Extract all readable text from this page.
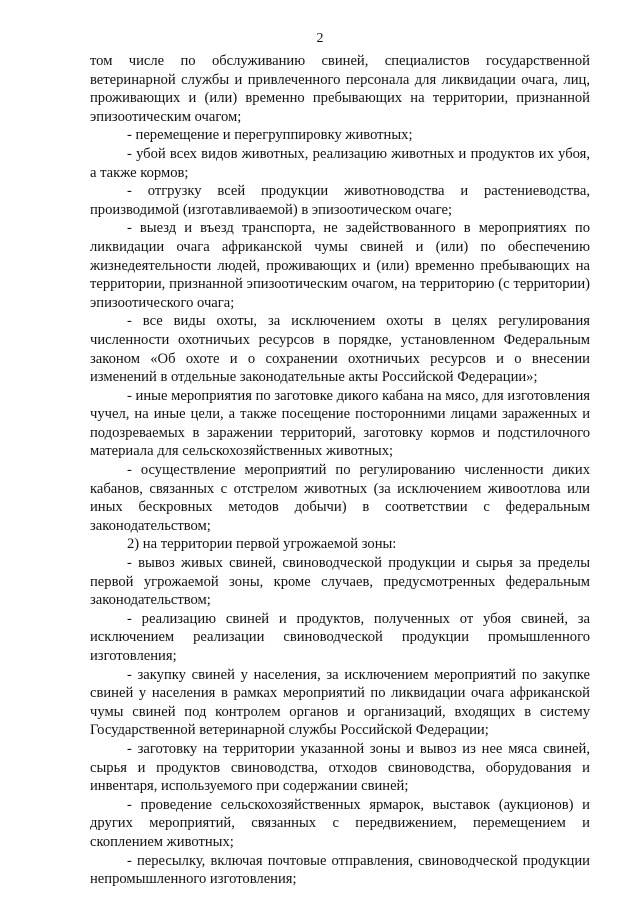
2

том числе по обслуживанию свиней, специалистов государственной ветеринарной службы и привлеченного персонала для ликвидации очага, лиц, проживающих и (или) временно пребывающих на территории, признанной эпизоотическим очагом;

- перемещение и перегруппировку животных;

- убой всех видов животных, реализацию животных и продуктов их убоя, а также кормов;

- отгрузку всей продукции животноводства и растениеводства, производимой (изготавливаемой) в эпизоотическом очаге;

- выезд и въезд транспорта, не задействованного в мероприятиях по ликвидации очага африканской чумы свиней и (или) по обеспечению жизнедеятельности людей, проживающих и (или) временно пребывающих на территории, признанной эпизоотическим очагом, на территорию (с территории) эпизоотического очага;

- все виды охоты, за исключением охоты в целях регулирования численности охотничьих ресурсов в порядке, установленном Федеральным законом «Об охоте и о сохранении охотничьих ресурсов и о внесении изменений в отдельные законодательные акты Российской Федерации»;

- иные мероприятия по заготовке дикого кабана на мясо, для изготовления чучел, на иные цели, а также посещение посторонними лицами зараженных и подозреваемых в заражении территорий, заготовку кормов и подстилочного материала для сельскохозяйственных животных;

- осуществление мероприятий по регулированию численности диких кабанов, связанных с отстрелом животных (за исключением живоотлова или иных бескровных методов добычи) в соответствии с федеральным законодательством;

2) на территории первой угрожаемой зоны:

- вывоз живых свиней, свиноводческой продукции и сырья за пределы первой угрожаемой зоны, кроме случаев, предусмотренных федеральным законодательством;

- реализацию свиней и продуктов, полученных от убоя свиней, за исключением реализации свиноводческой продукции промышленного изготовления;

- закупку свиней у населения, за исключением мероприятий по закупке свиней у населения в рамках мероприятий по ликвидации очага африканской чумы свиней под контролем органов и организаций, входящих в систему Государственной ветеринарной службы Российской Федерации;

- заготовку на территории указанной зоны и вывоз из нее мяса свиней, сырья и продуктов свиноводства, отходов свиноводства, оборудования и инвентаря, используемого при содержании свиней;

- проведение сельскохозяйственных ярмарок, выставок (аукционов) и других мероприятий, связанных с передвижением, перемещением и скоплением животных;

- пересылку, включая почтовые отправления, свиноводческой продукции непромышленного изготовления;
